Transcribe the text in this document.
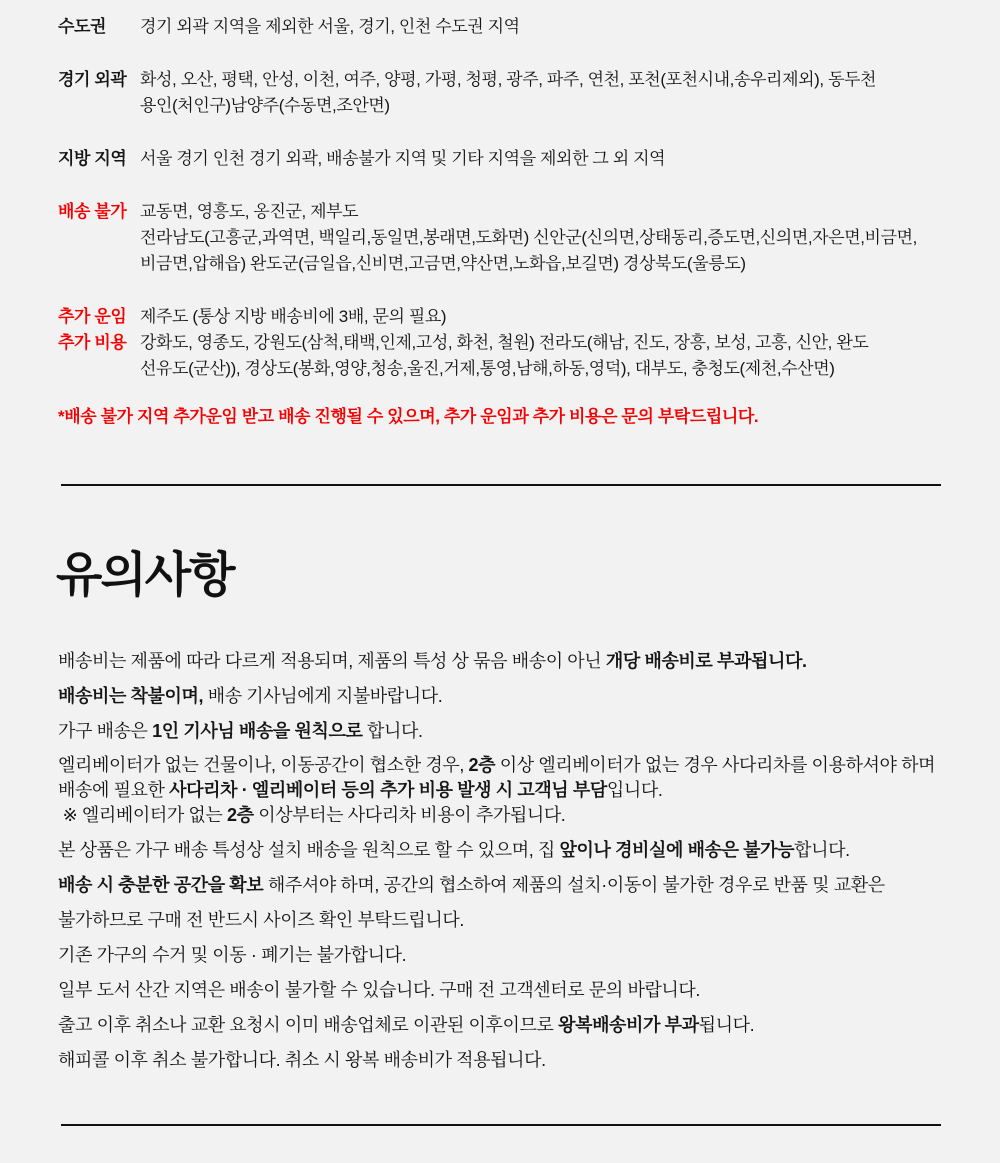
수도권	경기 외곽 지역을 제외한 서울, 경기, 인천 수도권 지역
경기 외곽 화성, 오산, 평택, 안성, 이천, 여주, 양평, 가평, 청평, 광주, 파주, 연천, 포천(포천시내,송우리제외), 동두천
용인(처인구)남양주(수동면,조안면)
지방 지역 서울 경기 인천 경기 외곽, 배송불가 지역 및 기타 지역을 제외한 그 외 지역
배송 불가 교동면, 영흥도, 옹진군, 제부도
전라남도(고흥군,과역면, 백일리,동일면,봉래면,도화면) 신안군(신의면,상태동리,증도면,신의면,자은면,비금면,
비금면,압해읍) 완도군(금일읍,신비면,고금면,약산면,노화읍,보길면) 경상북도(울릉도)
추가 운임 제주도 (통상 지방 배송비에 3배, 문의 필요)
추가 비용 강화도, 영종도, 강원도(삼척,태백,인제,고성, 화천, 철원) 전라도(해남, 진도, 장흥, 보성, 고흥, 신안, 완도
선유도(군산)), 경상도(봉화,영양,청송,울진,거제,통영,남해,하동,영덕), 대부도, 충청도(제천,수산면)
*배송 불가 지역 추가운임 받고 배송 진행될 수 있으며, 추가 운임과 추가 비용은 문의 부탁드립니다.
유의사항
배송비는 제품에 따라 다르게 적용되며, 제품의 특성 상 묶음 배송이 아닌 개당 배송비로 부과됩니다.
배송비는 착불이며, 배송 기사님에게 지불바랍니다.
가구 배송은 1인 기사님 배송을 원칙으로 합니다.
엘리베이터가 없는 건물이나, 이동공간이 협소한 경우, 2층 이상 엘리베이터가 없는 경우 사다리차를 이용하셔야 하며
배송에 필요한 사다리차 · 엘리베이터 등의 추가 비용 발생 시 고객님 부담입니다.
※ 엘리베이터가 없는 2층 이상부터는 사다리차 비용이 추가됩니다.
본 상품은 가구 배송 특성상 설치 배송을 원칙으로 할 수 있으며, 집 앞이나 경비실에 배송은 불가능합니다.
배송 시 충분한 공간을 확보 해주셔야 하며, 공간의 협소하여 제품의 설치·이동이 불가한 경우로 반품 및 교환은
불가하므로 구매 전 반드시 사이즈 확인 부탁드립니다.
기존 가구의 수거 및 이동 · 폐기는 불가합니다.
일부 도서 산간 지역은 배송이 불가할 수 있습니다. 구매 전 고객센터로 문의 바랍니다.
출고 이후 취소나 교환 요청시 이미 배송업체로 이관된 이후이므로 왕복배송비가 부과됩니다.
해피콜 이후 취소 불가합니다. 취소 시 왕복 배송비가 적용됩니다.
